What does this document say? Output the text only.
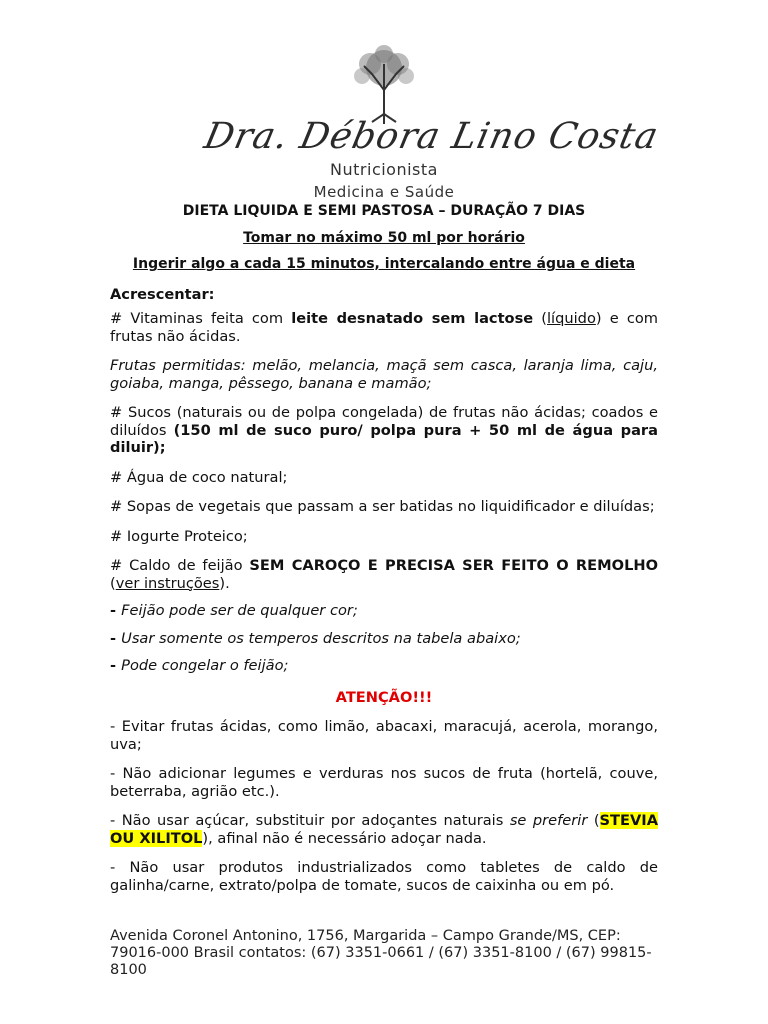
Dra. Débora Lino Costa
Nutricionista
Medicina e Saúde
DIETA LIQUIDA E SEMI PASTOSA – DURAÇÃO 7 DIAS
Tomar no máximo 50 ml por horário
Ingerir algo a cada 15 minutos, intercalando entre água e dieta

Acrescentar:

# Vitaminas feita com leite desnatado sem lactose (líquido) e com frutas não ácidas.

Frutas permitidas: melão, melancia, maçã sem casca, laranja lima, caju, goiaba, manga, pêssego, banana e mamão;

# Sucos (naturais ou de polpa congelada) de frutas não ácidas; coados e diluídos (150 ml de suco puro/ polpa pura + 50 ml de água para diluir);

# Água de coco natural;

# Sopas de vegetais que passam a ser batidas no liquidificador e diluídas;

# Iogurte Proteico;

# Caldo de feijão SEM CAROÇO E PRECISA SER FEITO O REMOLHO (ver instruções).

- Feijão pode ser de qualquer cor;

- Usar somente os temperos descritos na tabela abaixo;

- Pode congelar o feijão;

ATENÇÃO!!!

- Evitar frutas ácidas, como limão, abacaxi, maracujá, acerola, morango, uva;

- Não adicionar legumes e verduras nos sucos de fruta (hortelã, couve, beterraba, agrião etc.).

- Não usar açúcar, substituir por adoçantes naturais se preferir (STEVIA OU XILITOL), afinal não é necessário adoçar nada.

- Não usar produtos industrializados como tabletes de caldo de galinha/carne, extrato/polpa de tomate, sucos de caixinha ou em pó.

Avenida Coronel Antonino, 1756, Margarida – Campo Grande/MS, CEP: 79016-000 Brasil contatos: (67) 3351-0661 / (67) 3351-8100 / (67) 99815-8100
